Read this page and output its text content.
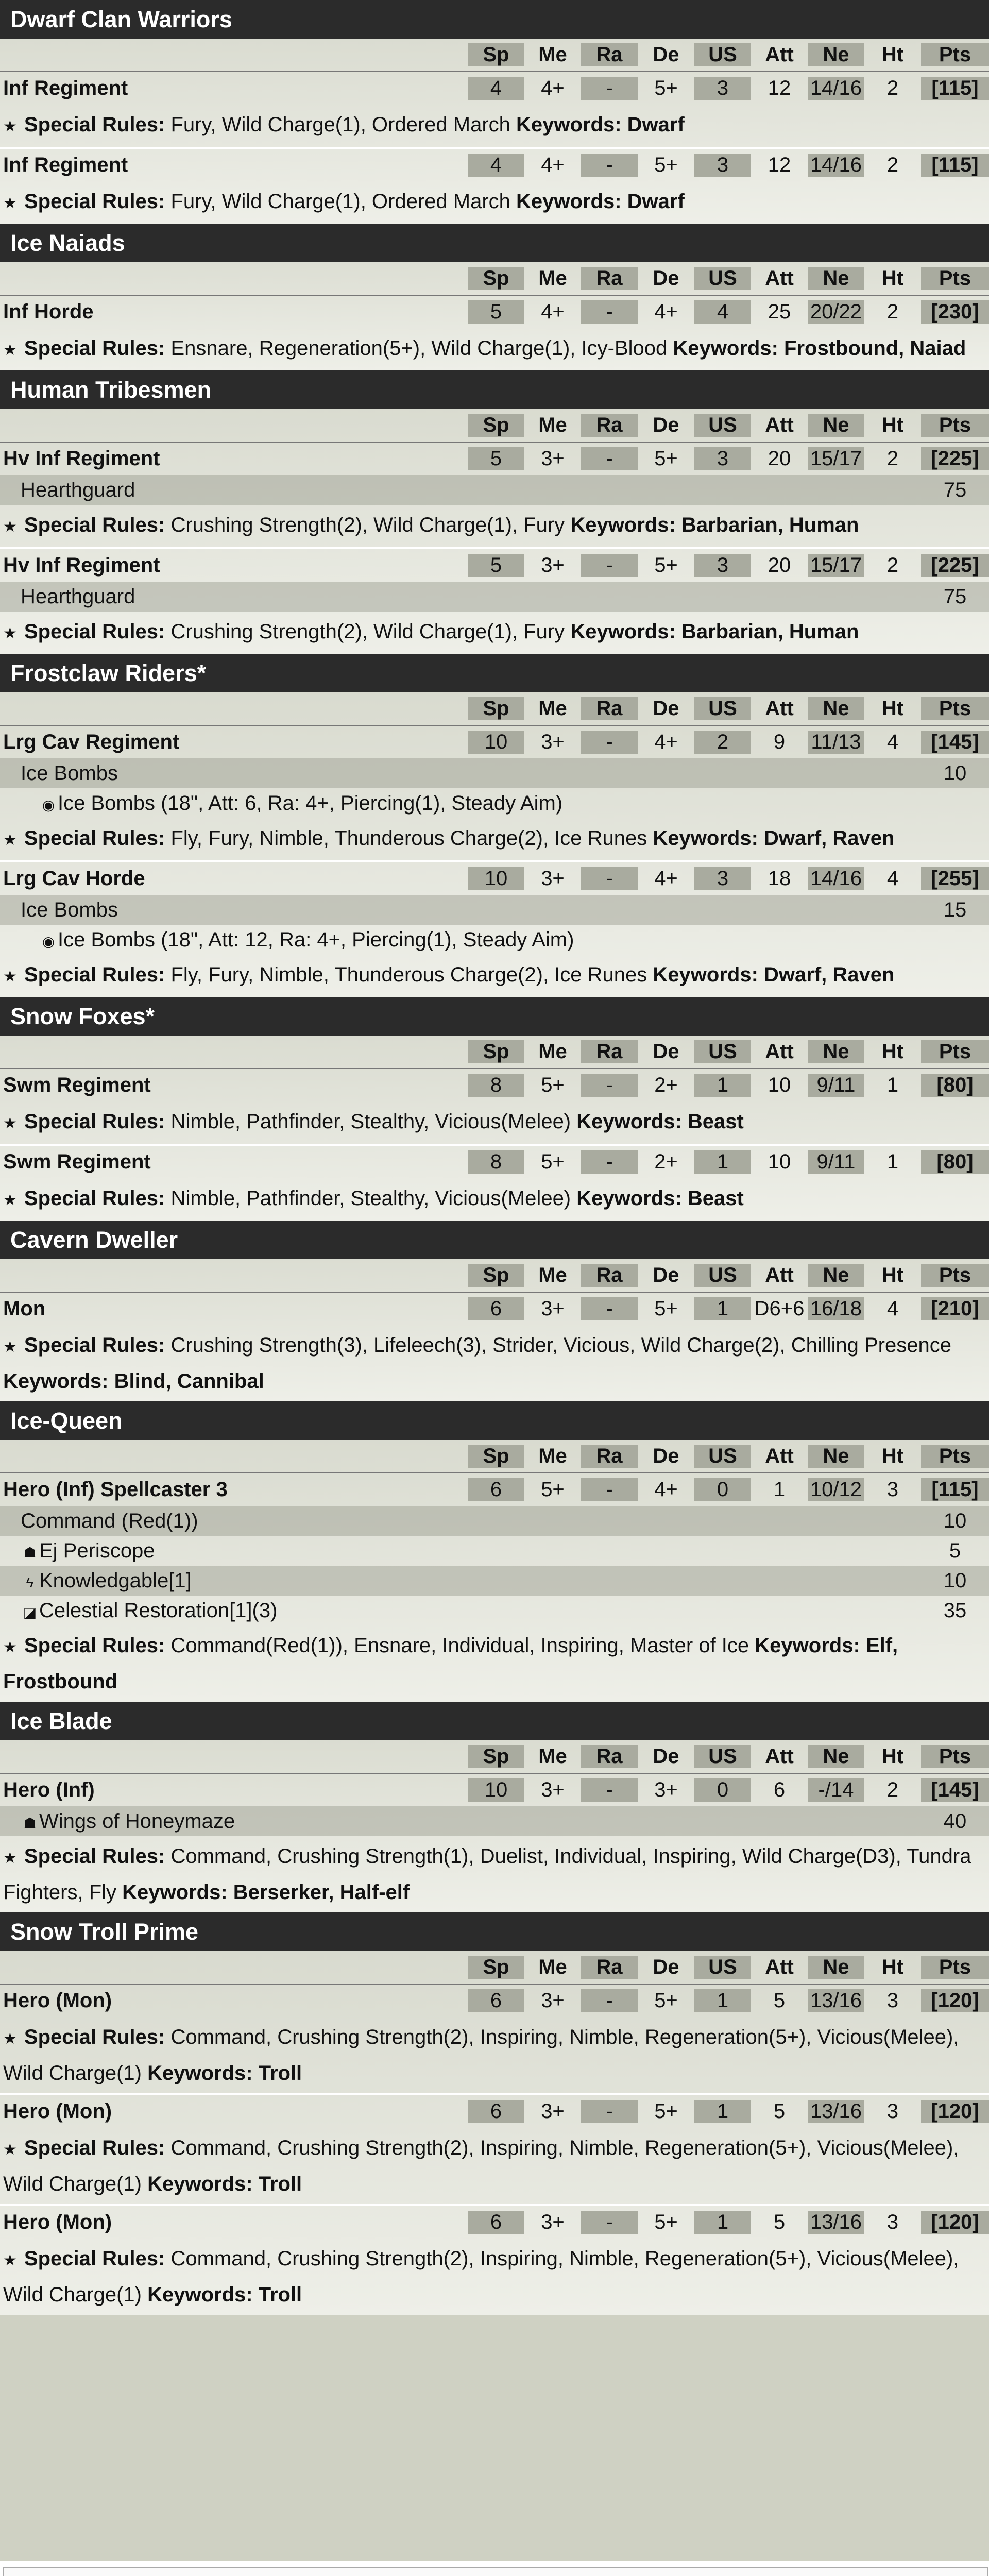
Dwarf Clan Warriors
Sp	Me	Ra	De	US	Att	Ne	Ht	Pts
Inf Regiment	4	4+	-	5+	3	12 14/16	2	[115]
★ Special Rules: Fury, Wild Charge(1), Ordered March Keywords: Dwarf
Inf Regiment	4	4+	-	5+	3	12 14/16	2	[115]
★ Special Rules: Fury, Wild Charge(1), Ordered March Keywords: Dwarf
Ice Naiads
Sp	Me	Ra	De	US	Att	Ne	Ht	Pts
Inf Horde	5	4+	-	4+	4	25 20/22	2	[230]
★ Special Rules: Ensnare, Regeneration(5+), Wild Charge(1), Icy-Blood Keywords: Frostbound, Naiad
Human Tribesmen
Sp	Me	Ra	De	US	Att	Ne	Ht	Pts
Hv Inf Regiment	5	3+	-	5+	3	20 15/17	2	[225]
Hearthguard	75
★ Special Rules: Crushing Strength(2), Wild Charge(1), Fury Keywords: Barbarian, Human
Hv Inf Regiment	5	3+	-	5+	3	20 15/17	2	[225]
Hearthguard	75
★ Special Rules: Crushing Strength(2), Wild Charge(1), Fury Keywords: Barbarian, Human
Frostclaw Riders*
Sp	Me	Ra	De	US	Att	Ne	Ht	Pts
Lrg Cav Regiment	10	3+	-	4+	2	9	11/13	4	[145]
Ice Bombs	10
◉ Ice Bombs (18", Att: 6, Ra: 4+, Piercing(1), Steady Aim)
★ Special Rules: Fly, Fury, Nimble, Thunderous Charge(2), Ice Runes Keywords: Dwarf, Raven
Lrg Cav Horde	10	3+	-	4+	3	18 14/16	4	[255]
Ice Bombs	15
◉ Ice Bombs (18", Att: 12, Ra: 4+, Piercing(1), Steady Aim)
★ Special Rules: Fly, Fury, Nimble, Thunderous Charge(2), Ice Runes Keywords: Dwarf, Raven
Snow Foxes*
Sp	Me	Ra	De	US	Att	Ne	Ht	Pts
Swm Regiment	8	5+	-	2+	1	10	9/11	1	[80]
★ Special Rules: Nimble, Pathfinder, Stealthy, Vicious(Melee) Keywords: Beast
Swm Regiment	8	5+	-	2+	1	10	9/11	1	[80]
★ Special Rules: Nimble, Pathfinder, Stealthy, Vicious(Melee) Keywords: Beast
Cavern Dweller
Sp	Me	Ra	De	US	Att	Ne	Ht	Pts
Mon	6	3+	-	5+	1	D6+6 16/18	4	[210]
★ Special Rules: Crushing Strength(3), Lifeleech(3), Strider, Vicious, Wild Charge(2), Chilling Presence Keywords: Blind, Cannibal
Ice-Queen
Sp	Me	Ra	De	US	Att	Ne	Ht	Pts
Hero (Inf) Spellcaster 3	6	5+	-	4+	0	1	10/12	3	[115]
Command (Red(1))	10
☗ Ej Periscope	5
ϟ Knowledgable[1]	10
◪ Celestial Restoration[1](3)	35
★ Special Rules: Command(Red(1)), Ensnare, Individual, Inspiring, Master of Ice Keywords: Elf, Frostbound
Ice Blade
Sp	Me	Ra	De	US	Att	Ne	Ht	Pts
Hero (Inf)	10	3+	-	3+	0	6	-/14	2	[145]
☗ Wings of Honeymaze	40
★ Special Rules: Command, Crushing Strength(1), Duelist, Individual, Inspiring, Wild Charge(D3), Tundra Fighters, Fly Keywords: Berserker, Half-elf
Snow Troll Prime
Sp	Me	Ra	De	US	Att	Ne	Ht	Pts
Hero (Mon)	6	3+	-	5+	1	5	13/16	3	[120]
★ Special Rules: Command, Crushing Strength(2), Inspiring, Nimble, Regeneration(5+), Vicious(Melee), Wild Charge(1) Keywords: Troll
Hero (Mon)	6	3+	-	5+	1	5	13/16	3	[120]
★ Special Rules: Command, Crushing Strength(2), Inspiring, Nimble, Regeneration(5+), Vicious(Melee), Wild Charge(1) Keywords: Troll
Hero (Mon)	6	3+	-	5+	1	5	13/16	3	[120]
★ Special Rules: Command, Crushing Strength(2), Inspiring, Nimble, Regeneration(5+), Vicious(Melee), Wild Charge(1) Keywords: Troll
